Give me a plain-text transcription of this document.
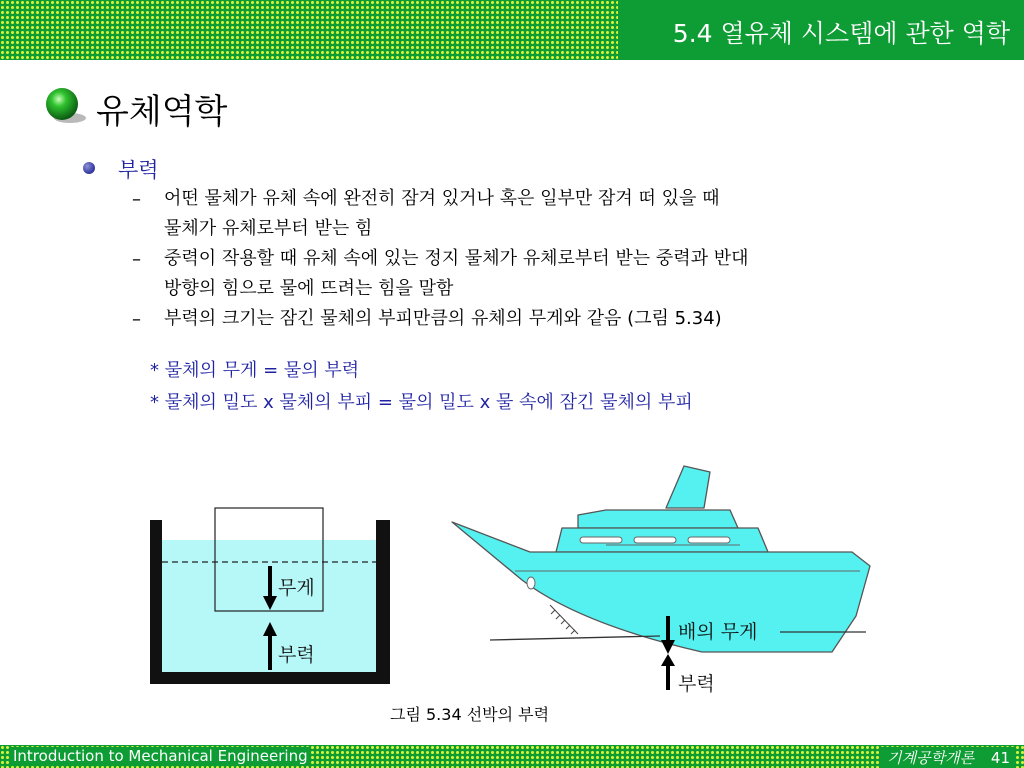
5.4 열유체 시스템에 관한 역학
유체역학
부력
– 어떤 물체가 유체 속에 완전히 잠겨 있거나 혹은 일부만 잠겨 떠 있을 때
물체가 유체로부터 받는 힘
– 중력이 작용할 때 유체 속에 있는 정지 물체가 유체로부터 받는 중력과 반대
방향의 힘으로 물에 뜨려는 힘을 말함
– 부력의 크기는 잠긴 물체의 부피만큼의 유체의 무게와 같음 (그림 5.34)
* 물체의 무게 = 물의 부력
* 물체의 밀도 x 물체의 부피 = 물의 밀도 x 물 속에 잠긴 물체의 부피
무게
부력
배의 무게
부력
그림 5.34 선박의 부력
Introduction to Mechanical Engineering	기계공학개론 41
